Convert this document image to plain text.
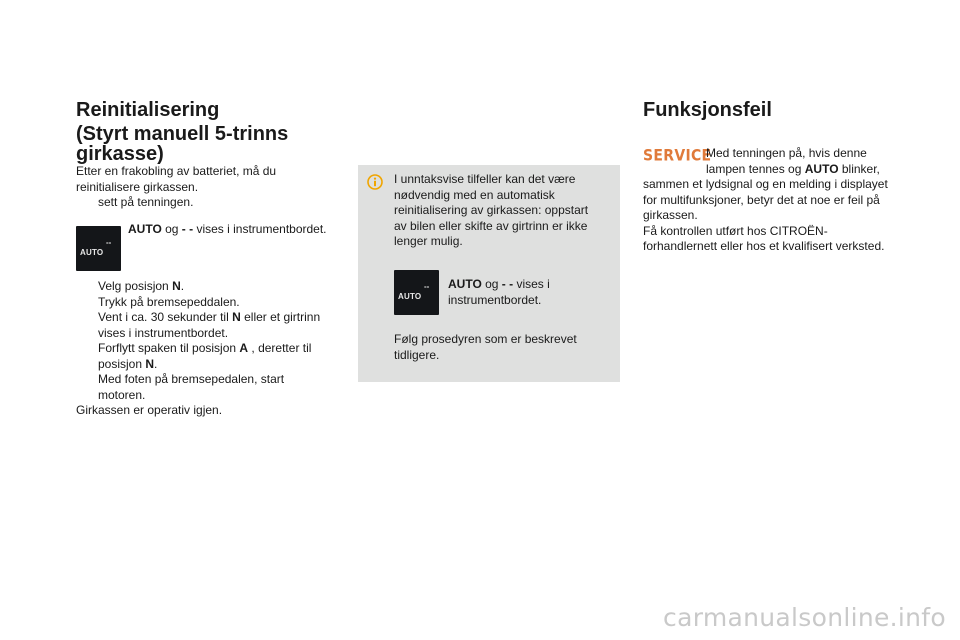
Reinitialisering
(Styrt manuell 5-trinns
girkasse)
Etter en frakobling av batteriet, må du
reinitialisere girkassen.
sett på tenningen.
--
AUTO
AUTO og - - vises i instrumentbordet.
Velg posisjon N.
Trykk på bremsepeddalen.
Vent i ca. 30 sekunder til N eller et girtrinn
vises i instrumentbordet.
Forflytt spaken til posisjon A , deretter til
posisjon N.
Med foten på bremsepedalen, start
motoren.
Girkassen er operativ igjen.
I unntaksvise tilfeller kan det være
nødvendig med en automatisk
reinitialisering av girkassen: oppstart
av bilen eller skifte av girtrinn er ikke
lenger mulig.
--
AUTO
AUTO og - - vises i
instrumentbordet.
Følg prosedyren som er beskrevet
tidligere.
Funksjonsfeil
SERVICE
Med tenningen på, hvis denne
lampen tennes og AUTO blinker,
sammen et lydsignal og en melding i displayet
for multifunksjoner, betyr det at noe er feil på
girkassen.
Få kontrollen utført hos CITROËN-
forhandlernett eller hos et kvalifisert verksted.
carmanualsonline.info
